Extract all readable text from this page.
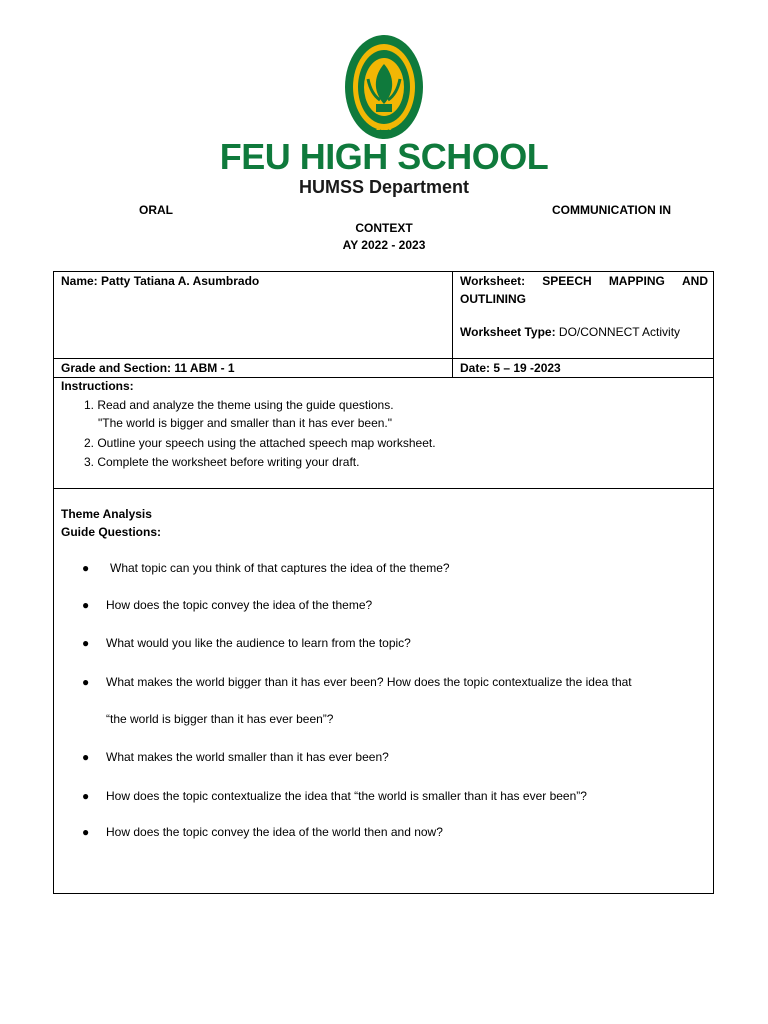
2016
FEU HIGH SCHOOL
HUMSS Department
ORAL	COMMUNICATION IN
CONTEXT
AY 2022 - 2023
Name: Patty Tatiana A. Asumbrado	Worksheet: SPEECH MAPPING AND
OUTLINING
Worksheet Type: DO/CONNECT Activity
Grade and Section: 11 ABM - 1	Date: 5 – 19 -2023
Instructions:
1. Read and analyze the theme using the guide questions.
"The world is bigger and smaller than it has ever been."
2. Outline your speech using the attached speech map worksheet.
3. Complete the worksheet before writing your draft.
Theme Analysis
Guide Questions:
● What topic can you think of that captures the idea of the theme?
● How does the topic convey the idea of the theme?
● What would you like the audience to learn from the topic?
● What makes the world bigger than it has ever been? How does the topic contextualize the idea that
“the world is bigger than it has ever been”?
● What makes the world smaller than it has ever been?
● How does the topic contextualize the idea that “the world is smaller than it has ever been”?
● How does the topic convey the idea of the world then and now?
